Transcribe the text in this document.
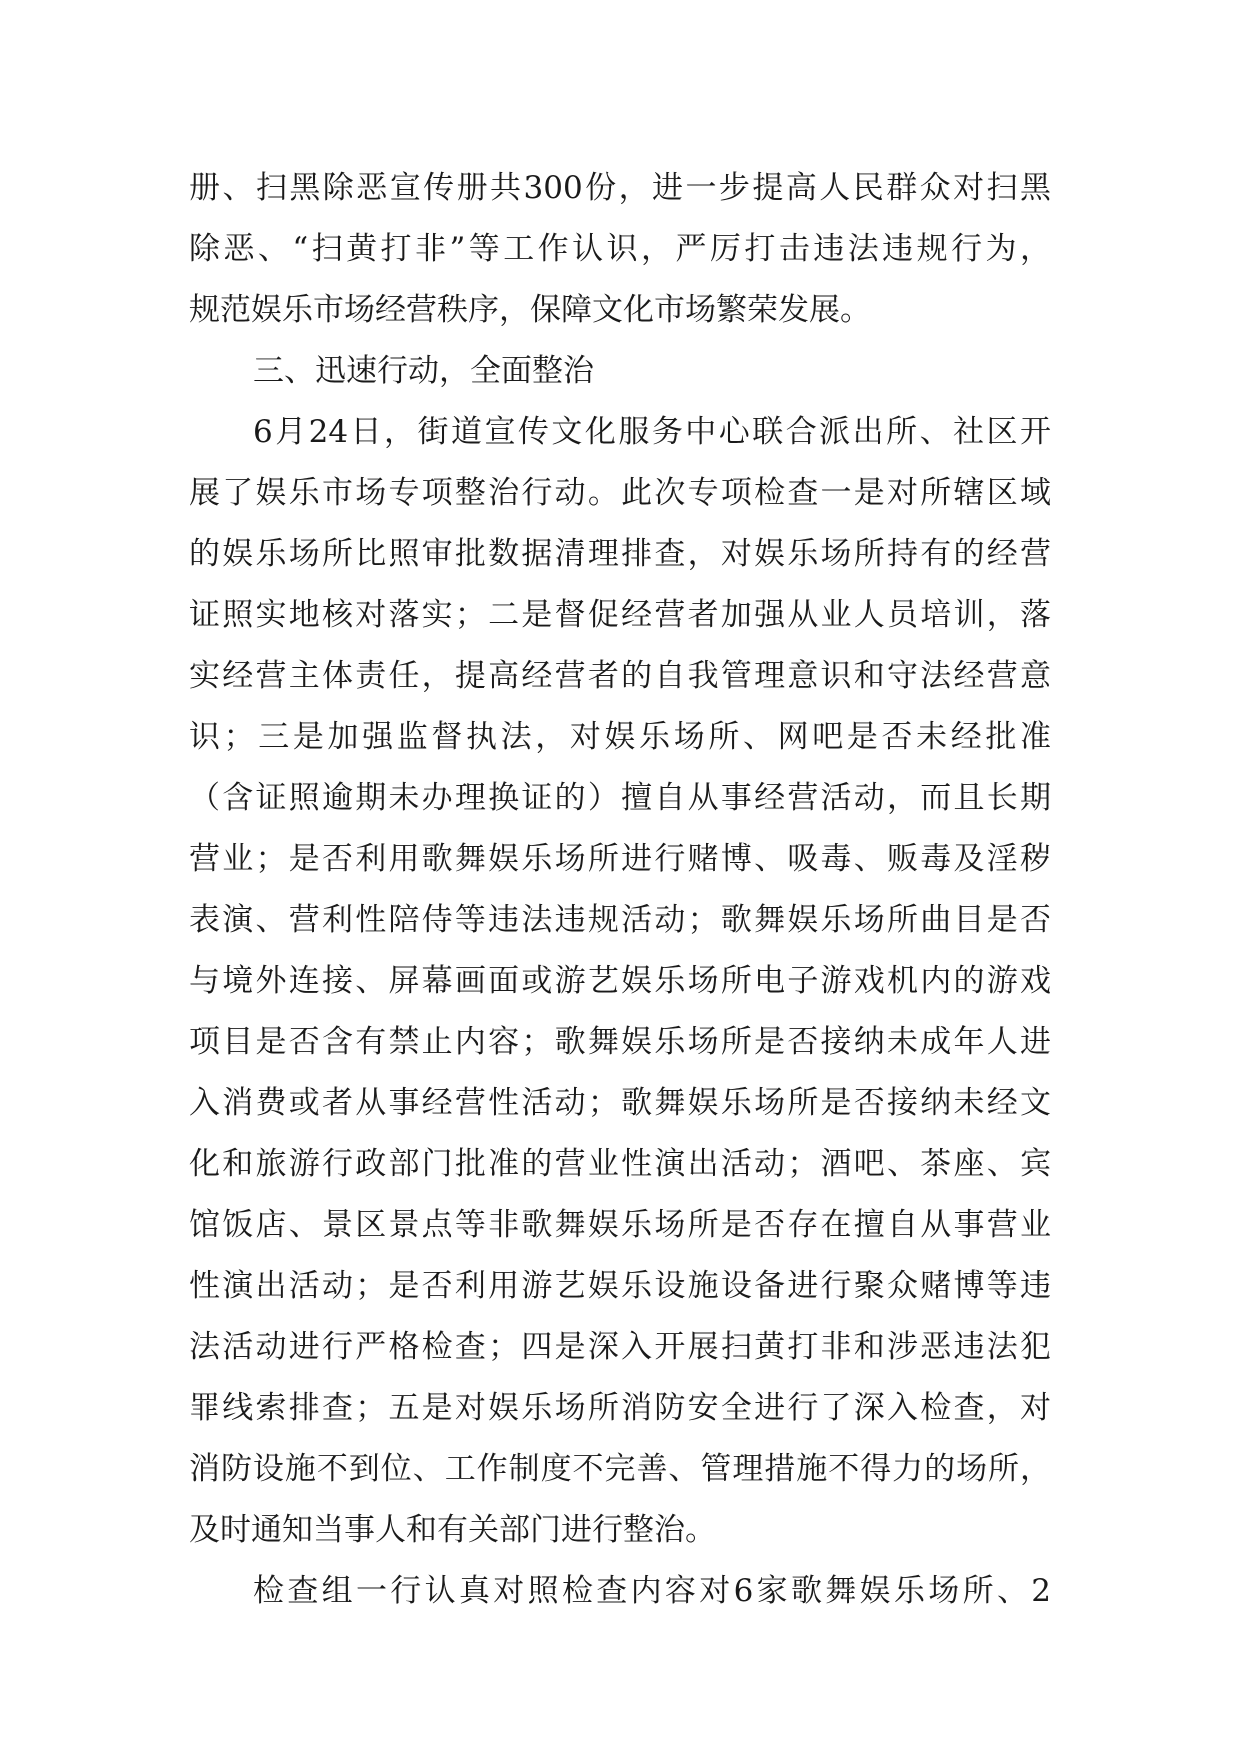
册、扫黑除恶宣传册共300份，进一步提高人民群众对扫黑
除恶、“扫黄打非”等工作认识，严厉打击违法违规行为，
规范娱乐市场经营秩序，保障文化市场繁荣发展。
三、迅速行动，全面整治
6月24日，街道宣传文化服务中心联合派出所、社区开
展了娱乐市场专项整治行动。此次专项检查一是对所辖区域
的娱乐场所比照审批数据清理排查，对娱乐场所持有的经营
证照实地核对落实；二是督促经营者加强从业人员培训，落
实经营主体责任，提高经营者的自我管理意识和守法经营意
识；三是加强监督执法，对娱乐场所、网吧是否未经批准
（含证照逾期未办理换证的）擅自从事经营活动，而且长期
营业；是否利用歌舞娱乐场所进行赌博、吸毒、贩毒及淫秽
表演、营利性陪侍等违法违规活动；歌舞娱乐场所曲目是否
与境外连接、屏幕画面或游艺娱乐场所电子游戏机内的游戏
项目是否含有禁止内容；歌舞娱乐场所是否接纳未成年人进
入消费或者从事经营性活动；歌舞娱乐场所是否接纳未经文
化和旅游行政部门批准的营业性演出活动；酒吧、茶座、宾
馆饭店、景区景点等非歌舞娱乐场所是否存在擅自从事营业
性演出活动；是否利用游艺娱乐设施设备进行聚众赌博等违
法活动进行严格检查；四是深入开展扫黄打非和涉恶违法犯
罪线索排查；五是对娱乐场所消防安全进行了深入检查，对
消防设施不到位、工作制度不完善、管理措施不得力的场所，
及时通知当事人和有关部门进行整治。
检查组一行认真对照检查内容对6家歌舞娱乐场所、2
